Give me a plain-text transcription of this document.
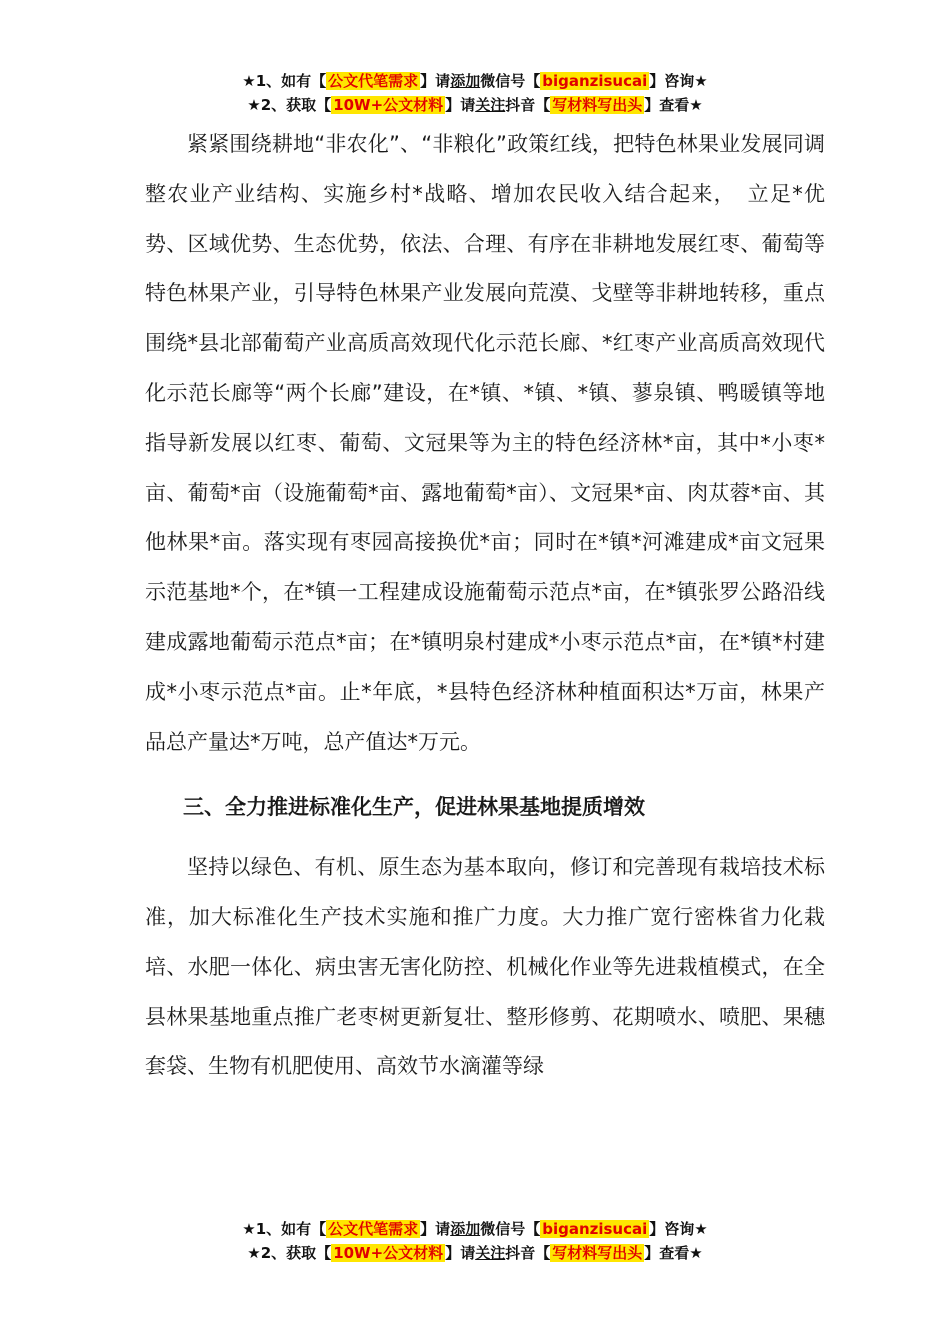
★1、如有【 公文代笔需求 】请添加微信号【 biganzisucai 】咨询★
★2、获取【 10W+公文材料 】请关注抖音【 写材料写出头 】查看★

紧紧围绕耕地“非农化”、“非粮化”政策红线，把特色林果业发展同调整农业产业结构、实施乡村*战略、增加农民收入结合起来，　立足*优势、区域优势、生态优势，依法、合理、有序在非耕地发展红枣、葡萄等特色林果产业，引导特色林果产业发展向荒漠、戈壁等非耕地转移，重点围绕*县北部葡萄产业高质高效现代化示范长廊、*红枣产业高质高效现代化示范长廊等“两个长廊”建设，在*镇、*镇、*镇、蓼泉镇、鸭暖镇等地指导新发展以红枣、葡萄、文冠果等为主的特色经济林*亩，其中*小枣*亩、葡萄*亩（设施葡萄*亩、露地葡萄*亩）、文冠果*亩、肉苁蓉*亩、其他林果*亩。落实现有枣园高接换优*亩；同时在*镇*河滩建成*亩文冠果示范基地*个，在*镇一工程建成设施葡萄示范点*亩，在*镇张罗公路沿线建成露地葡萄示范点*亩；在*镇明泉村建成*小枣示范点*亩，在*镇*村建成*小枣示范点*亩。止*年底，*县特色经济林种植面积达*万亩，林果产品总产量达*万吨，总产值达*万元。

三、全力推进标准化生产，促进林果基地提质增效

坚持以绿色、有机、原生态为基本取向，修订和完善现有栽培技术标准，加大标准化生产技术实施和推广力度。大力推广宽行密株省力化栽培、水肥一体化、病虫害无害化防控、机械化作业等先进栽植模式，在全县林果基地重点推广老枣树更新复壮、整形修剪、花期喷水、喷肥、果穗套袋、生物有机肥使用、高效节水滴灌等绿

★1、如有【 公文代笔需求 】请添加微信号【 biganzisucai 】咨询★
★2、获取【 10W+公文材料 】请关注抖音【 写材料写出头 】查看★
